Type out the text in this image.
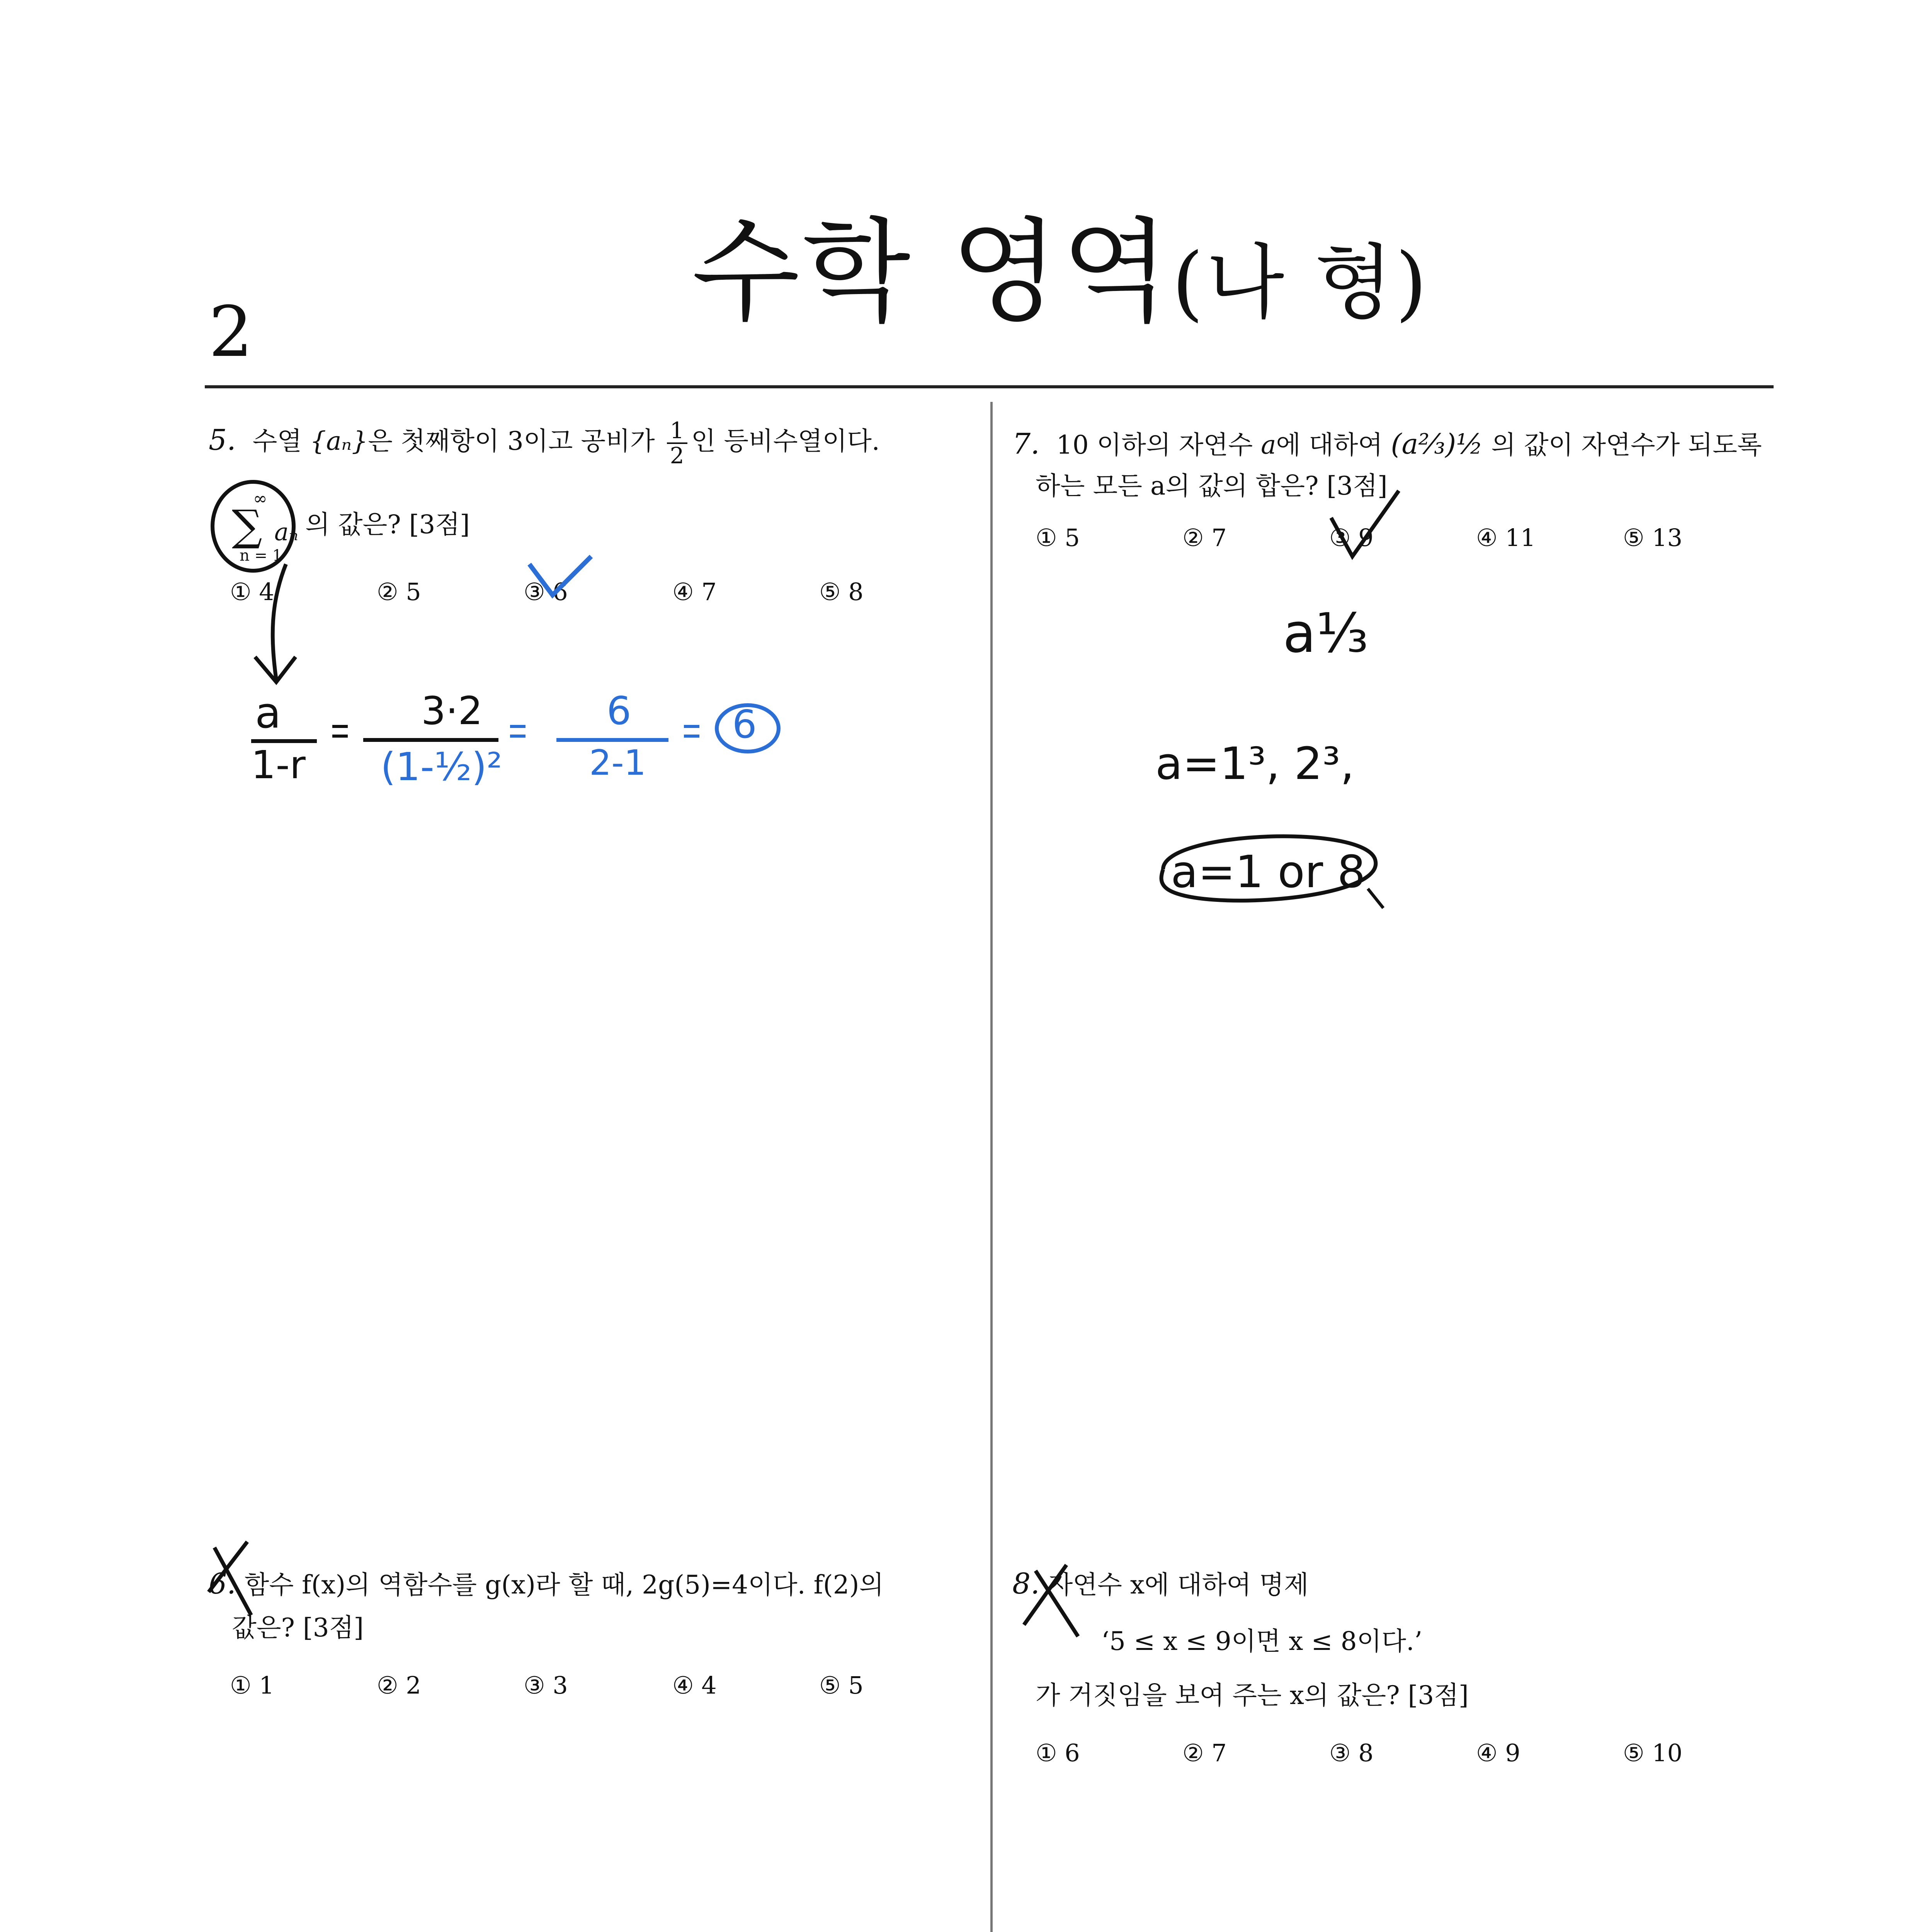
2	수학 영역(나 형)
5. 수열 {aₙ}은 첫째항이 3이고 공비가 $\frac{1}{2}$ 인 등비수열이다.
∞
∑ aₙ
n = 1
의 값은? [3점]
① 4	② 5	③ 6	④ 7	⑤ 8
a
1-r
3·2
(1-½)²
6
2-1
6
6. 함수 f(x)의 역함수를 g(x)라 할 때, 2g(5)=4이다. f(2)의
값은? [3점]
① 1	② 2	③ 3	④ 4	⑤ 5
7. 10 이하의 자연수 a에 대하여 (a⅔)½ 의 값이 자연수가 되도록
하는 모든 a의 값의 합은? [3점]
① 5	② 7	③ 9	④ 11	⑤ 13
a⅓
a=1³, 2³,
a=1 or 8
8. 자연수 x에 대하여 명제
‘5 ≤ x ≤ 9이면 x ≤ 8이다.’
가 거짓임을 보여 주는 x의 값은? [3점]
① 6	② 7	③ 8	④ 9	⑤ 10
